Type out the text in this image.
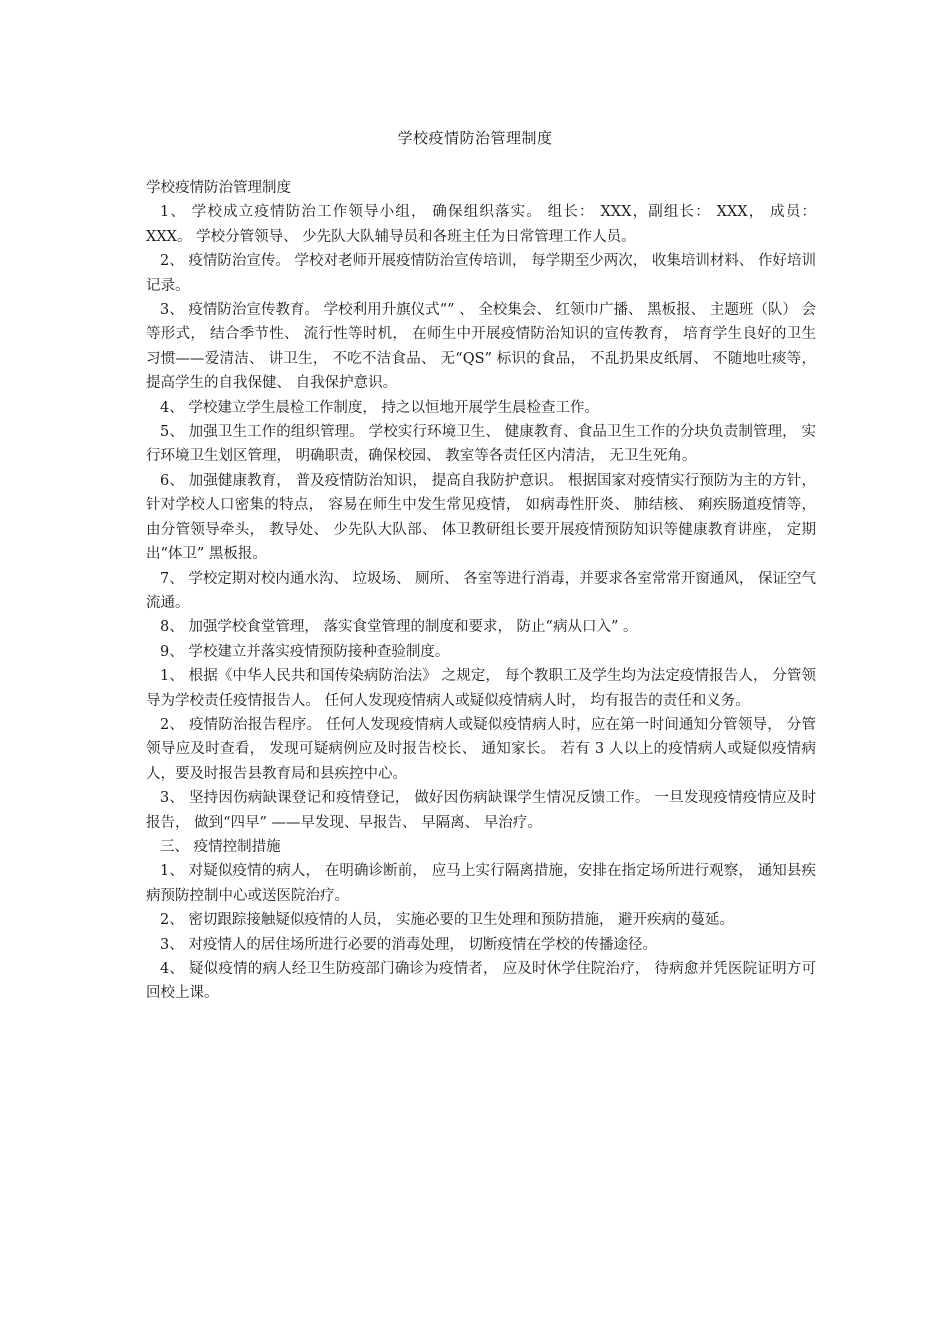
学校疫情防治管理制度

学校疫情防治管理制度

1、 学校成立疫情防治工作领导小组， 确保组织落实。 组长： XXX，副组长： XXX， 成员： XXX。 学校分管领导、 少先队大队辅导员和各班主任为日常管理工作人员。

2、 疫情防治宣传。 学校对老师开展疫情防治宣传培训， 每学期至少两次， 收集培训材料、 作好培训记录。

3、 疫情防治宣传教育。 学校利用升旗仪式“” 、 全校集会、 红领巾广播、 黑板报、 主题班（队） 会等形式， 结合季节性、 流行性等时机， 在师生中开展疫情防治知识的宣传教育， 培育学生良好的卫生习惯——爱清洁、 讲卫生， 不吃不洁食品、 无“QS” 标识的食品， 不乱扔果皮纸屑、 不随地吐痰等， 提高学生的自我保健、 自我保护意识。

4、 学校建立学生晨检工作制度， 持之以恒地开展学生晨检查工作。

5、 加强卫生工作的组织管理。 学校实行环境卫生、 健康教育、食品卫生工作的分块负责制管理， 实行环境卫生划区管理， 明确职责，确保校园、 教室等各责任区内清洁， 无卫生死角。

6、 加强健康教育， 普及疫情防治知识， 提高自我防护意识。 根据国家对疫情实行预防为主的方针， 针对学校人口密集的特点， 容易在师生中发生常见疫情， 如病毒性肝炎、 肺结核、 痢疾肠道疫情等，由分管领导牵头， 教导处、 少先队大队部、 体卫教研组长要开展疫情预防知识等健康教育讲座， 定期出“体卫” 黑板报。

7、 学校定期对校内通水沟、 垃圾场、 厕所、 各室等进行消毒，并要求各室常常开窗通风， 保证空气流通。

8、 加强学校食堂管理， 落实食堂管理的制度和要求， 防止“病从口入” 。

9、 学校建立并落实疫情预防接种查验制度。

1、 根据《中华人民共和国传染病防治法》 之规定， 每个教职工及学生均为法定疫情报告人， 分管领导为学校责任疫情报告人。 任何人发现疫情病人或疑似疫情病人时， 均有报告的责任和义务。

2、 疫情防治报告程序。 任何人发现疫情病人或疑似疫情病人时，应在第一时间通知分管领导， 分管领导应及时查看， 发现可疑病例应及时报告校长、 通知家长。 若有 3 人以上的疫情病人或疑似疫情病人，要及时报告县教育局和县疾控中心。

3、 坚持因伤病缺课登记和疫情登记， 做好因伤病缺课学生情况反馈工作。 一旦发现疫情疫情应及时报告， 做到“四早” ——早发现、早报告、 早隔离、 早治疗。

三、 疫情控制措施

1、 对疑似疫情的病人， 在明确诊断前， 应马上实行隔离措施，安排在指定场所进行观察， 通知县疾病预防控制中心或送医院治疗。

2、 密切跟踪接触疑似疫情的人员， 实施必要的卫生处理和预防措施， 避开疾病的蔓延。

3、 对疫情人的居住场所进行必要的消毒处理， 切断疫情在学校的传播途径。

4、 疑似疫情的病人经卫生防疫部门确诊为疫情者， 应及时休学住院治疗， 待病愈并凭医院证明方可回校上课。
